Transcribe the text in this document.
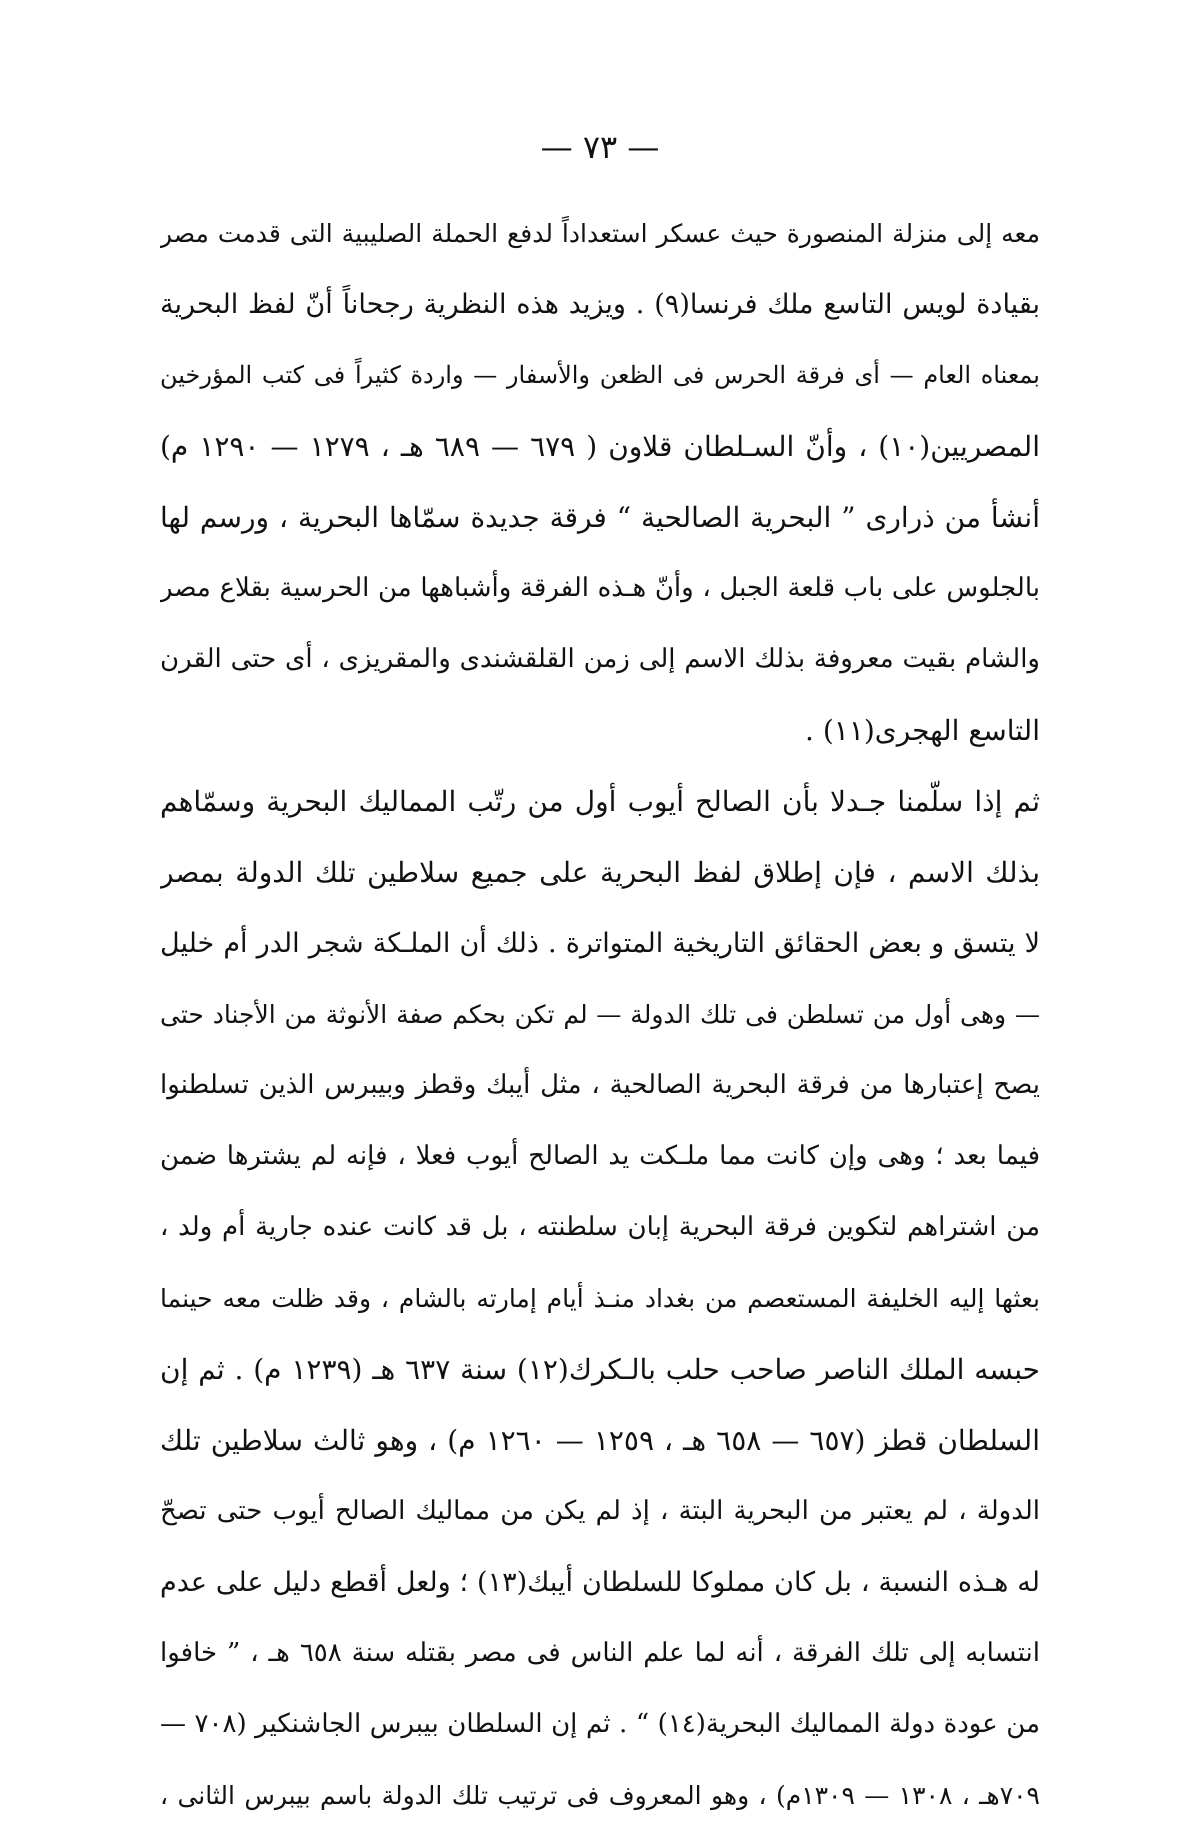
— ٧٣ —
معه إلى منزلة المنصورة حيث عسكر استعداداً لدفع الحملة الصليبية التى قدمت مصر
بقيادة لويس التاسع ملك فرنسا(٩) . ويزيد هذه النظرية رجحاناً أنّ لفظ البحرية
بمعناه العام — أى فرقة الحرس فى الظعن والأسفار — واردة كثيراً فى كتب المؤرخين
المصريين(١٠) ، وأنّ السـلطان قلاون ( ٦٧٩ — ٦٨٩ هـ ، ١٢٧٩ — ١٢٩٠ م)
أنشأ من ذرارى ” البحرية الصالحية “ فرقة جديدة سمّاها البحرية ، ورسم لها
بالجلوس على باب قلعة الجبل ، وأنّ هـذه الفرقة وأشباهها من الحرسية بقلاع مصر
والشام بقيت معروفة بذلك الاسم إلى زمن القلقشندى والمقريزى ، أى حتى القرن
التاسع الهجرى(١١) .
ثم إذا سلّمنا جـدلا بأن الصالح أيوب أول من رتّب المماليك البحرية وسمّاهم
بذلك الاسم ، فإن إطلاق لفظ البحرية على جميع سلاطين تلك الدولة بمصر
لا يتسق و بعض الحقائق التاريخية المتواترة . ذلك أن الملـكة شجر الدر أم خليل
— وهى أول من تسلطن فى تلك الدولة — لم تكن بحكم صفة الأنوثة من الأجناد حتى
يصح إعتبارها من فرقة البحرية الصالحية ، مثل أيبك وقطز وبيبرس الذين تسلطنوا
فيما بعد ؛ وهى وإن كانت مما ملـكت يد الصالح أيوب فعلا ، فإنه لم يشترها ضمن
من اشتراهم لتكوين فرقة البحرية إبان سلطنته ، بل قد كانت عنده جارية أم ولد ،
بعثها إليه الخليفة المستعصم من بغداد منـذ أيام إمارته بالشام ، وقد ظلت معه حينما
حبسه الملك الناصر صاحب حلب بالـكرك(١٢) سنة ٦٣٧ هـ (١٢٣٩ م) . ثم إن
السلطان قطز (٦٥٧ — ٦٥٨ هـ ، ١٢٥٩ — ١٢٦٠ م) ، وهو ثالث سلاطين تلك
الدولة ، لم يعتبر من البحرية البتة ، إذ لم يكن من مماليك الصالح أيوب حتى تصحّ
له هـذه النسبة ، بل كان مملوكا للسلطان أيبك(١٣) ؛ ولعل أقطع دليل على عدم
انتسابه إلى تلك الفرقة ، أنه لما علم الناس فى مصر بقتله سنة ٦٥٨ هـ ، ” خافوا
من عودة دولة المماليك البحرية(١٤) “ . ثم إن السلطان بيبرس الجاشنكير (٧٠٨ —
٧٠٩هـ ، ١٣٠٨ — ١٣٠٩م) ، وهو المعروف فى ترتيب تلك الدولة باسم بيبرس الثانى ،
